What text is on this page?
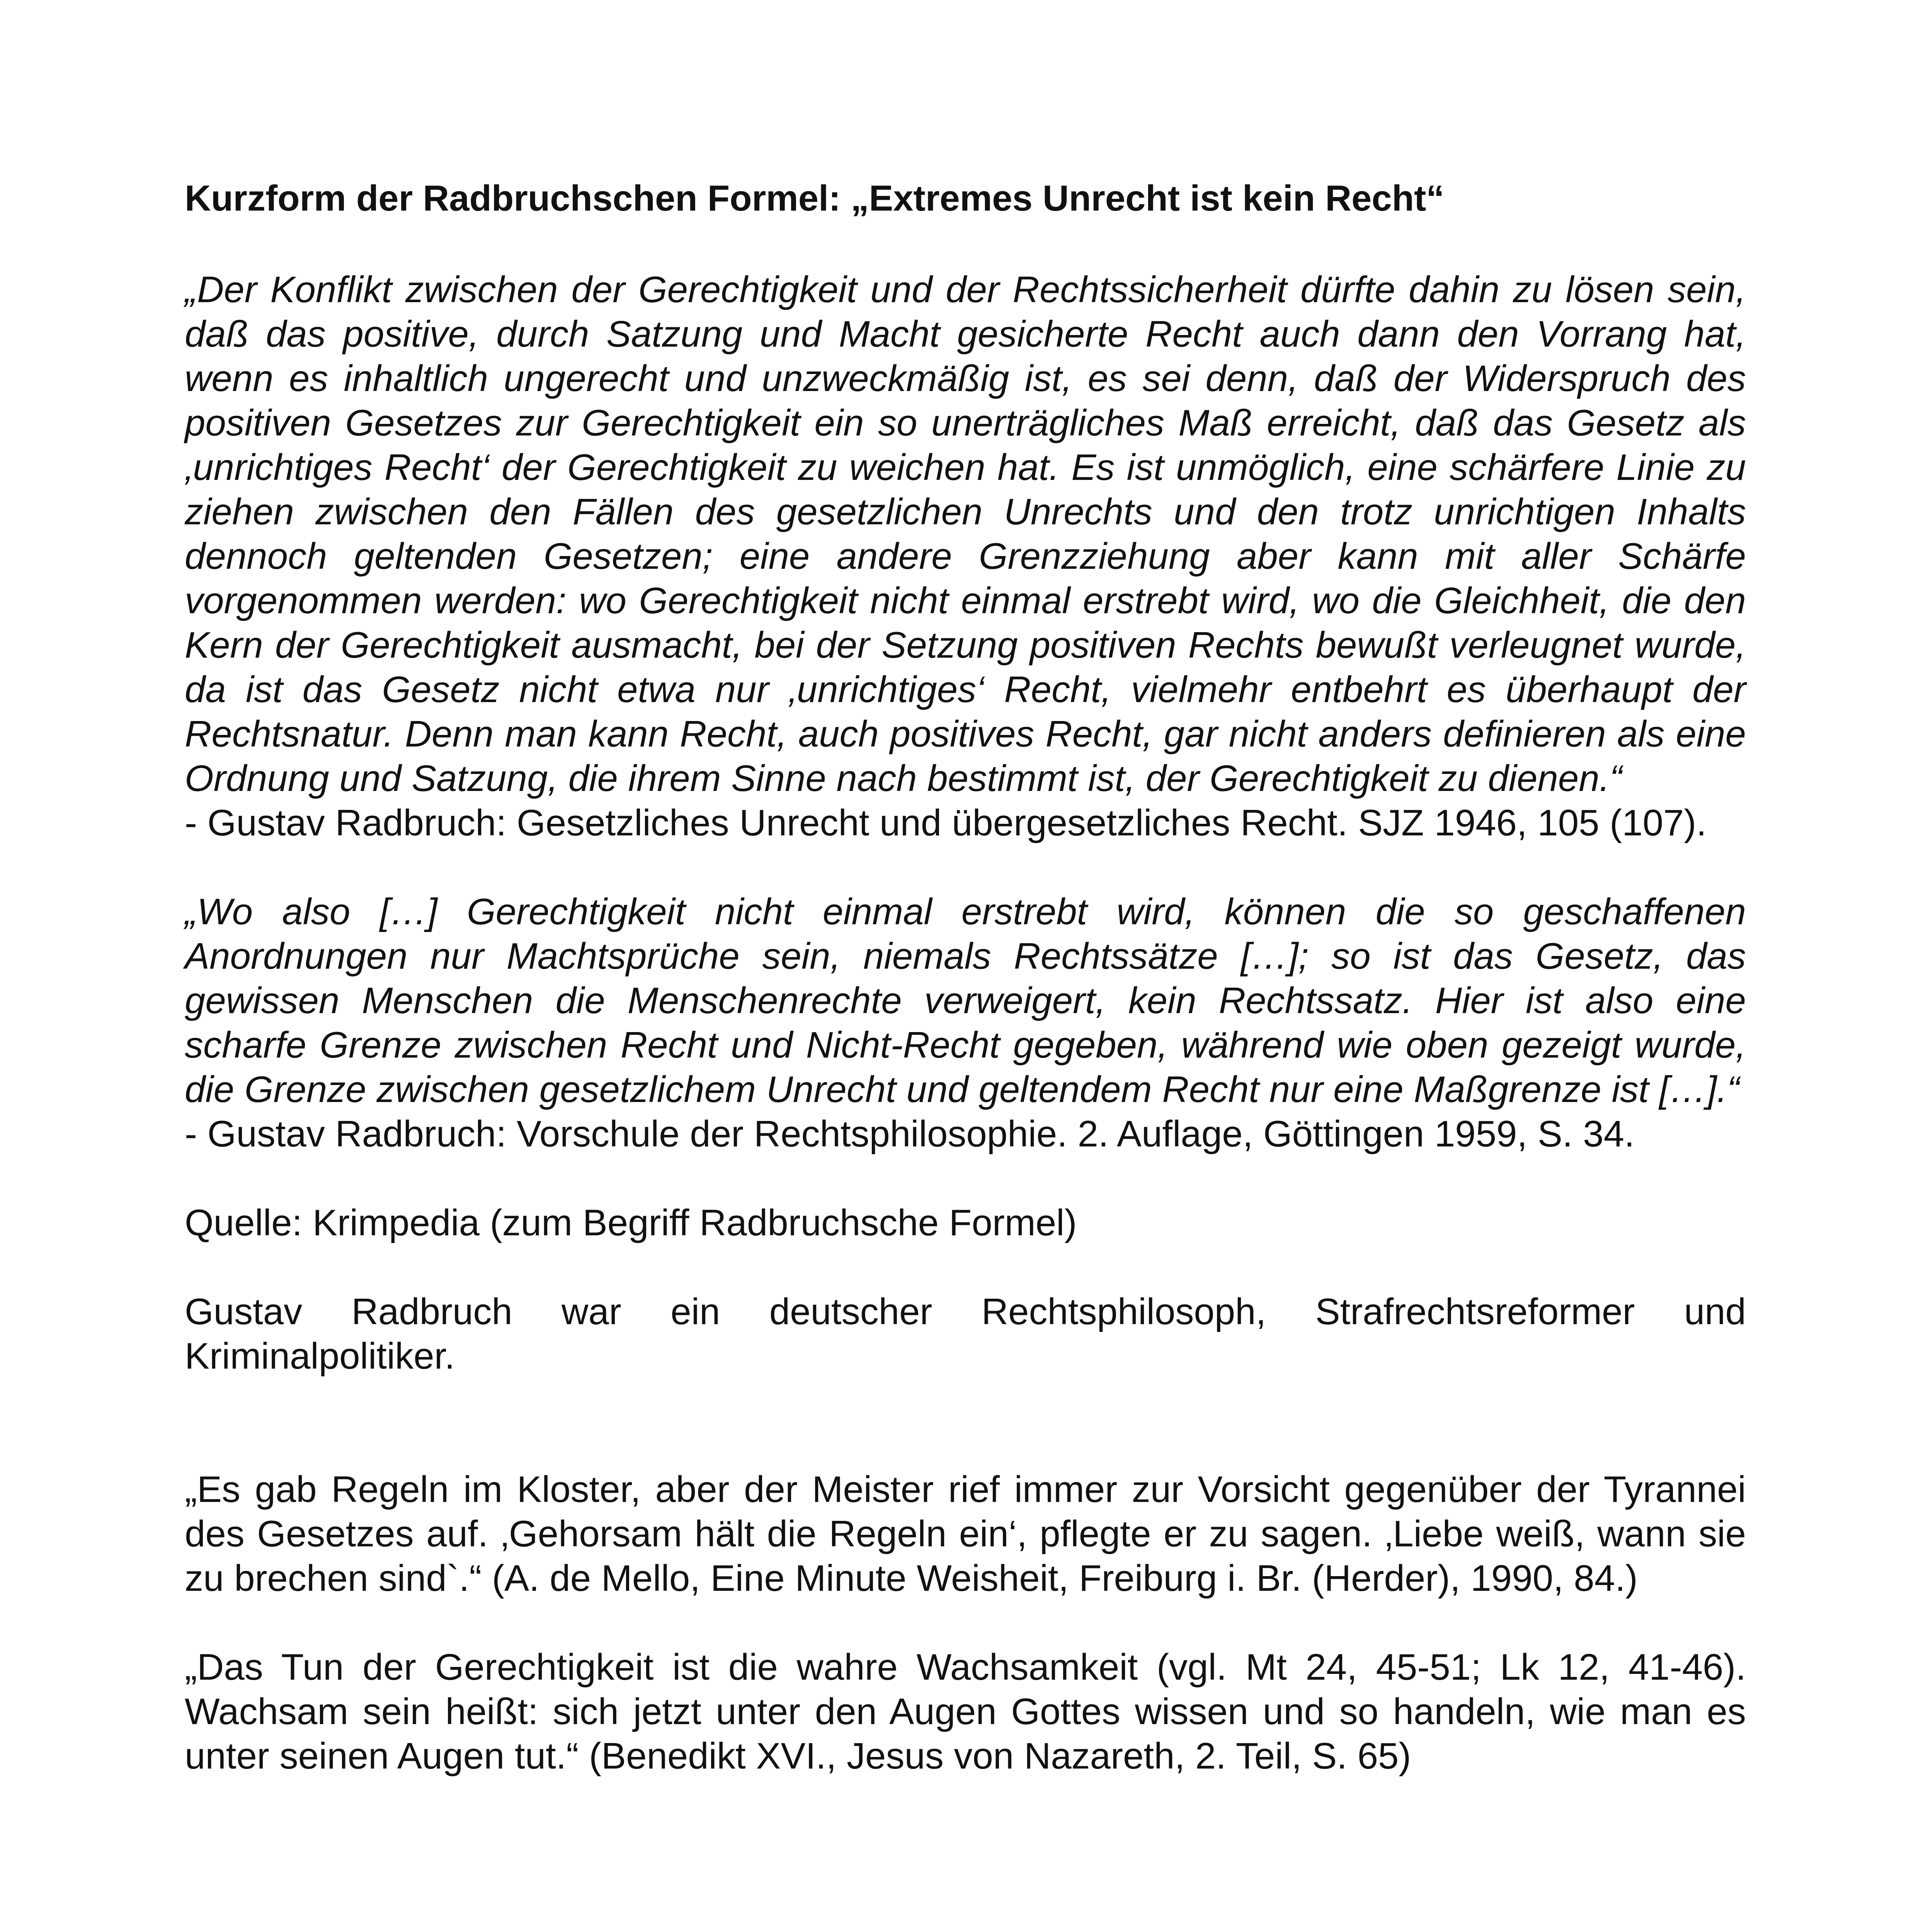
Kurzform der Radbruchschen Formel: „Extremes Unrecht ist kein Recht“

„Der Konflikt zwischen der Gerechtigkeit und der Rechtssicherheit dürfte dahin zu lösen sein, daß das positive, durch Satzung und Macht gesicherte Recht auch dann den Vorrang hat, wenn es inhaltlich ungerecht und unzweckmäßig ist, es sei denn, daß der Widerspruch des positiven Gesetzes zur Gerechtigkeit ein so unerträgliches Maß erreicht, daß das Gesetz als ‚unrichtiges Recht‘ der Gerechtigkeit zu weichen hat. Es ist unmöglich, eine schärfere Linie zu ziehen zwischen den Fällen des gesetzlichen Unrechts und den trotz unrichtigen Inhalts dennoch geltenden Gesetzen; eine andere Grenzziehung aber kann mit aller Schärfe vorgenommen werden: wo Gerechtigkeit nicht einmal erstrebt wird, wo die Gleichheit, die den Kern der Gerechtigkeit ausmacht, bei der Setzung positiven Rechts bewußt verleugnet wurde, da ist das Gesetz nicht etwa nur ‚unrichtiges‘ Recht, vielmehr entbehrt es überhaupt der Rechtsnatur. Denn man kann Recht, auch positives Recht, gar nicht anders definieren als eine Ordnung und Satzung, die ihrem Sinne nach bestimmt ist, der Gerechtigkeit zu dienen.“

- Gustav Radbruch: Gesetzliches Unrecht und übergesetzliches Recht. SJZ 1946, 105 (107).

„Wo also […] Gerechtigkeit nicht einmal erstrebt wird, können die so geschaffenen Anordnungen nur Machtsprüche sein, niemals Rechtssätze […]; so ist das Gesetz, das gewissen Menschen die Menschenrechte verweigert, kein Rechtssatz. Hier ist also eine scharfe Grenze zwischen Recht und Nicht-Recht gegeben, während wie oben gezeigt wurde, die Grenze zwischen gesetzlichem Unrecht und geltendem Recht nur eine Maßgrenze ist […].“

- Gustav Radbruch: Vorschule der Rechtsphilosophie. 2. Auflage, Göttingen 1959, S. 34.

Quelle: Krimpedia (zum Begriff Radbruchsche Formel)

Gustav Radbruch war ein deutscher Rechtsphilosoph, Strafrechtsreformer und Kriminalpolitiker.

„Es gab Regeln im Kloster, aber der Meister rief immer zur Vorsicht gegenüber der Tyrannei des Gesetzes auf. ‚Gehorsam hält die Regeln ein‘, pflegte er zu sagen. ‚Liebe weiß, wann sie zu brechen sind`.“ (A. de Mello, Eine Minute Weisheit, Freiburg i. Br. (Herder), 1990, 84.)

„Das Tun der Gerechtigkeit ist die wahre Wachsamkeit (vgl. Mt 24, 45-51; Lk 12, 41-46). Wachsam sein heißt: sich jetzt unter den Augen Gottes wissen und so handeln, wie man es unter seinen Augen tut.“ (Benedikt XVI., Jesus von Nazareth, 2. Teil, S. 65)
